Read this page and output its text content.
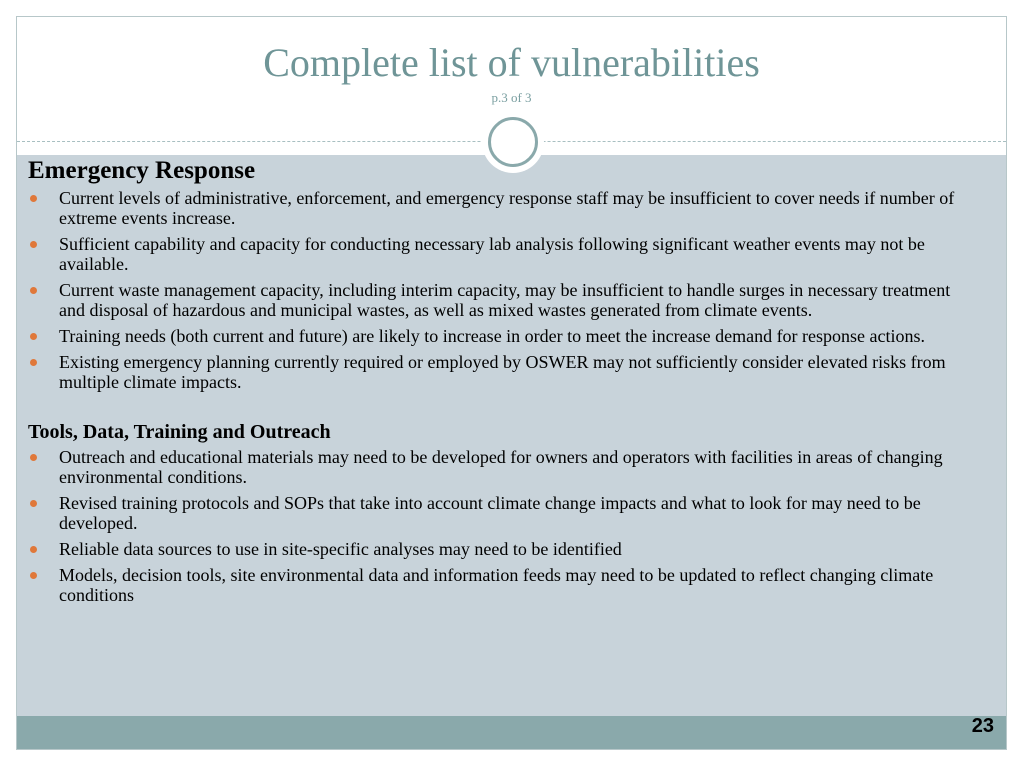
Complete list of vulnerabilities
p.3 of 3
23
Emergency Response
Current levels of administrative, enforcement, and emergency response staff may be insufficient to cover needs if number of extreme events increase.
Sufficient capability and capacity for conducting necessary lab analysis following significant weather events may not be available.
Current waste management capacity, including interim capacity, may be insufficient to handle surges in necessary treatment and disposal of hazardous and municipal wastes, as well as mixed wastes generated from climate events.
Training needs (both current and future) are likely to increase in order to meet the increase demand for response actions.
Existing emergency planning currently required or employed by OSWER may not sufficiently consider elevated risks from multiple climate impacts.
Tools, Data, Training and Outreach
Outreach and educational materials may need to be developed for owners and operators with facilities in areas of changing environmental conditions.
Revised training protocols and SOPs that take into account climate change impacts and what to look for may need to be developed.
Reliable data sources to use in site-specific analyses may need to be identified
Models, decision tools, site environmental data and information feeds may need to be updated to reflect changing climate conditions
